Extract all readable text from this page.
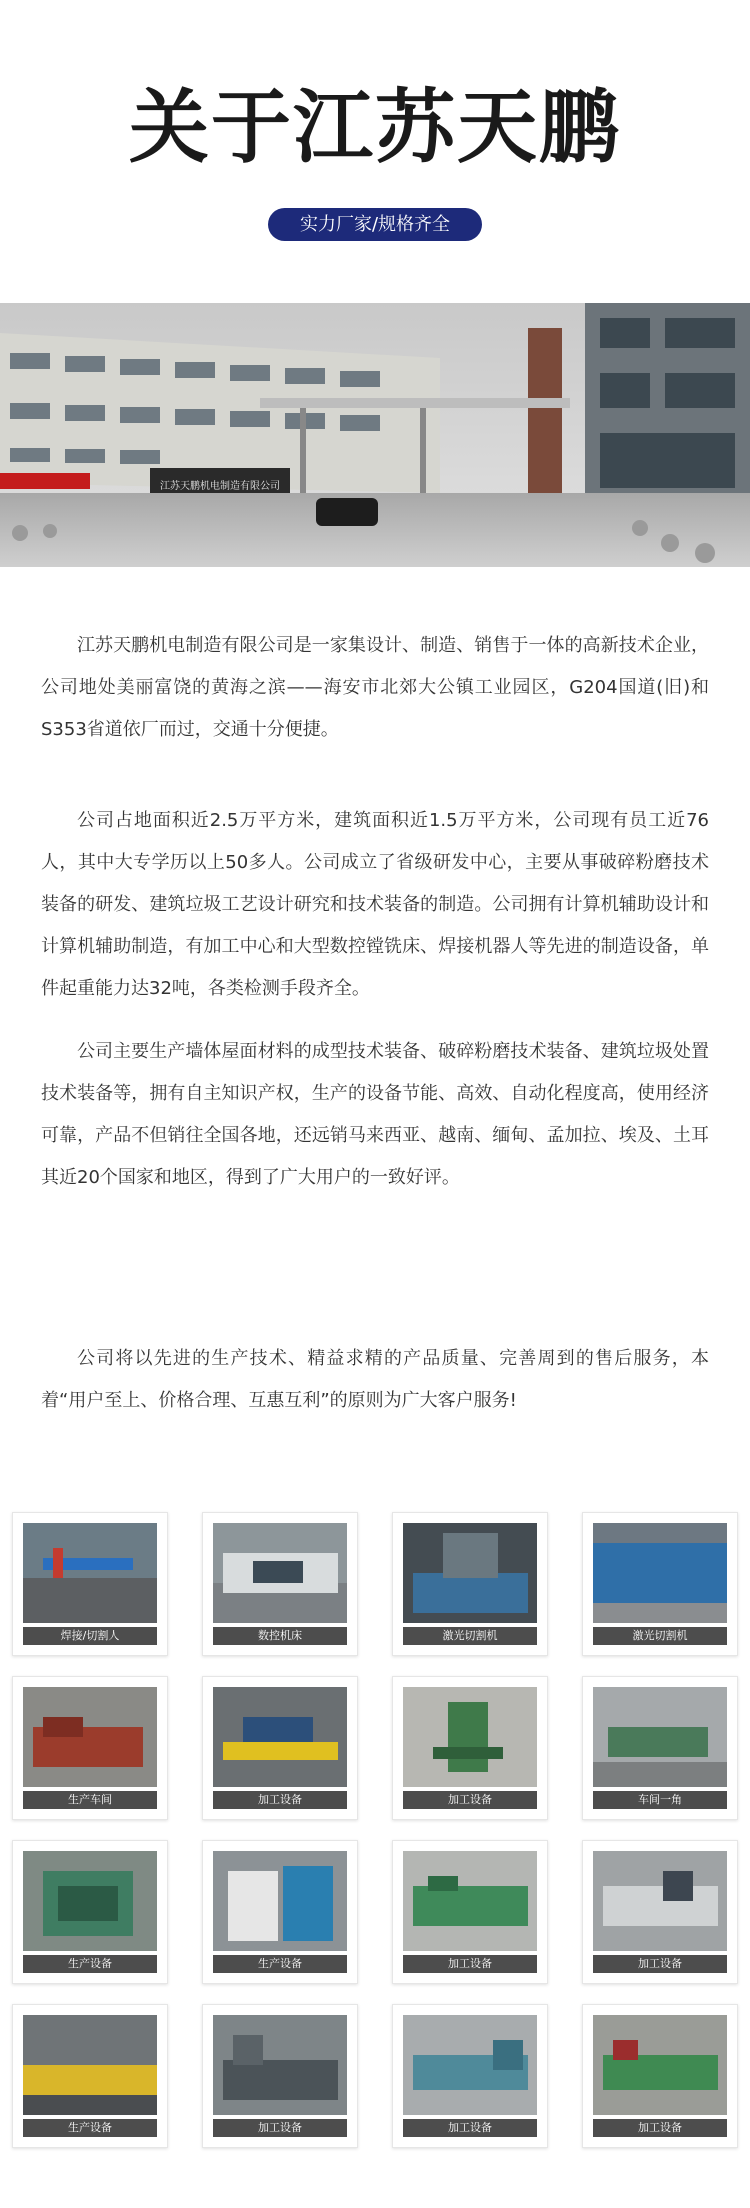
关于江苏天鹏
实力厂家/规格齐全
江苏天鹏机电制造有限公司

江苏天鹏机电制造有限公司是一家集设计、制造、销售于一体的高新技术企业，公司地处美丽富饶的黄海之滨——海安市北郊大公镇工业园区，G204国道(旧)和S353省道依厂而过，交通十分便捷。

公司占地面积近2.5万平方米，建筑面积近1.5万平方米，公司现有员工近76人，其中大专学历以上50多人。公司成立了省级研发中心，主要从事破碎粉磨技术装备的研发、建筑垃圾工艺设计研究和技术装备的制造。公司拥有计算机辅助设计和计算机辅助制造，有加工中心和大型数控镗铣床、焊接机器人等先进的制造设备，单件起重能力达32吨，各类检测手段齐全。

公司主要生产墙体屋面材料的成型技术装备、破碎粉磨技术装备、建筑垃圾处置技术装备等，拥有自主知识产权，生产的设备节能、高效、自动化程度高，使用经济可靠，产品不但销往全国各地，还远销马来西亚、越南、缅甸、孟加拉、埃及、土耳其近20个国家和地区，得到了广大用户的一致好评。

公司将以先进的生产技术、精益求精的产品质量、完善周到的售后服务，本着“用户至上、价格合理、互惠互利”的原则为广大客户服务!

焊接/切割人	数控机床	激光切割机	激光切割机
生产车间	加工设备	加工设备	车间一角
生产设备	生产设备	加工设备	加工设备
生产设备	加工设备	加工设备	加工设备
